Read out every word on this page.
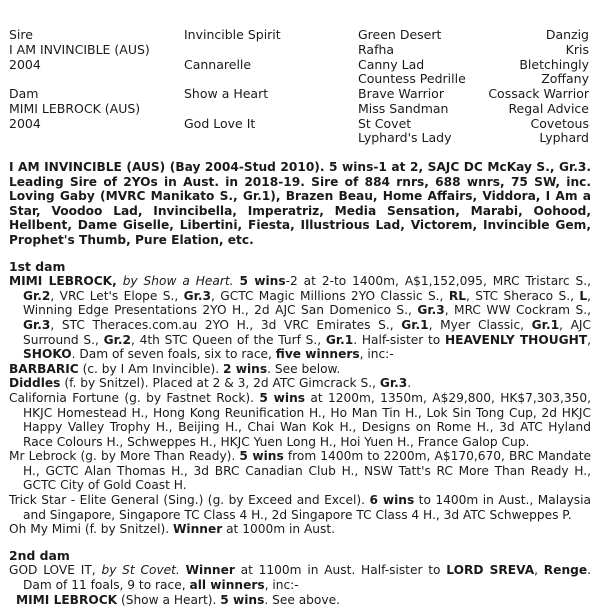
Sire
I AM INVINCIBLE (AUS)
2004
Dam
MIMI LEBROCK (AUS)
2004
Invincible Spirit
Cannarelle
Show a Heart
God Love It
Green Desert
Rafha
Canny Lad
Countess Pedrille
Brave Warrior
Miss Sandman
St Covet
Lyphard's Lady
Danzig
Kris
Bletchingly
Zoffany
Cossack Warrior
Regal Advice
Covetous
Lyphard

I AM INVINCIBLE (AUS) (Bay 2004-Stud 2010). 5 wins-1 at 2, SAJC DC McKay S., Gr.3. Leading Sire of 2YOs in Aust. in 2018-19. Sire of 884 rnrs, 688 wnrs, 75 SW, inc. Loving Gaby (MVRC Manikato S., Gr.1), Brazen Beau, Home Affairs, Viddora, I Am a Star, Voodoo Lad, Invincibella, Imperatriz, Media Sensation, Marabi, Oohood, Hellbent, Dame Giselle, Libertini, Fiesta, Illustrious Lad, Victorem, Invincible Gem, Prophet's Thumb, Pure Elation, etc.

1st dam

MIMI LEBROCK, by Show a Heart. 5 wins-2 at 2-to 1400m, A$1,152,095, MRC Tristarc S., Gr.2, VRC Let's Elope S., Gr.3, GCTC Magic Millions 2YO Classic S., RL, STC Sheraco S., L, Winning Edge Presentations 2YO H., 2d AJC San Domenico S., Gr.3, MRC WW Cockram S., Gr.3, STC Theraces.com.au 2YO H., 3d VRC Emirates S., Gr.1, Myer Classic, Gr.1, AJC Surround S., Gr.2, 4th STC Queen of the Turf S., Gr.1. Half-sister to HEAVENLY THOUGHT, SHOKO. Dam of seven foals, six to race, five winners, inc:-

BARBARIC (c. by I Am Invincible). 2 wins. See below.

Diddles (f. by Snitzel). Placed at 2 & 3, 2d ATC Gimcrack S., Gr.3.

California Fortune (g. by Fastnet Rock). 5 wins at 1200m, 1350m, A$29,800, HK$7,303,350, HKJC Homestead H., Hong Kong Reunification H., Ho Man Tin H., Lok Sin Tong Cup, 2d HKJC Happy Valley Trophy H., Beijing H., Chai Wan Kok H., Designs on Rome H., 3d ATC Hyland Race Colours H., Schweppes H., HKJC Yuen Long H., Hoi Yuen H., France Galop Cup.

Mr Lebrock (g. by More Than Ready). 5 wins from 1400m to 2200m, A$170,670, BRC Mandate H., GCTC Alan Thomas H., 3d BRC Canadian Club H., NSW Tatt's RC More Than Ready H., GCTC City of Gold Coast H.

Trick Star - Elite General (Sing.) (g. by Exceed and Excel). 6 wins to 1400m in Aust., Malaysia and Singapore, Singapore TC Class 4 H., 2d Singapore TC Class 4 H., 3d ATC Schweppes P.

Oh My Mimi (f. by Snitzel). Winner at 1000m in Aust.

2nd dam

GOD LOVE IT, by St Covet. Winner at 1100m in Aust. Half-sister to LORD SREVA, Renge. Dam of 11 foals, 9 to race, all winners, inc:-

MIMI LEBROCK (Show a Heart). 5 wins. See above.
